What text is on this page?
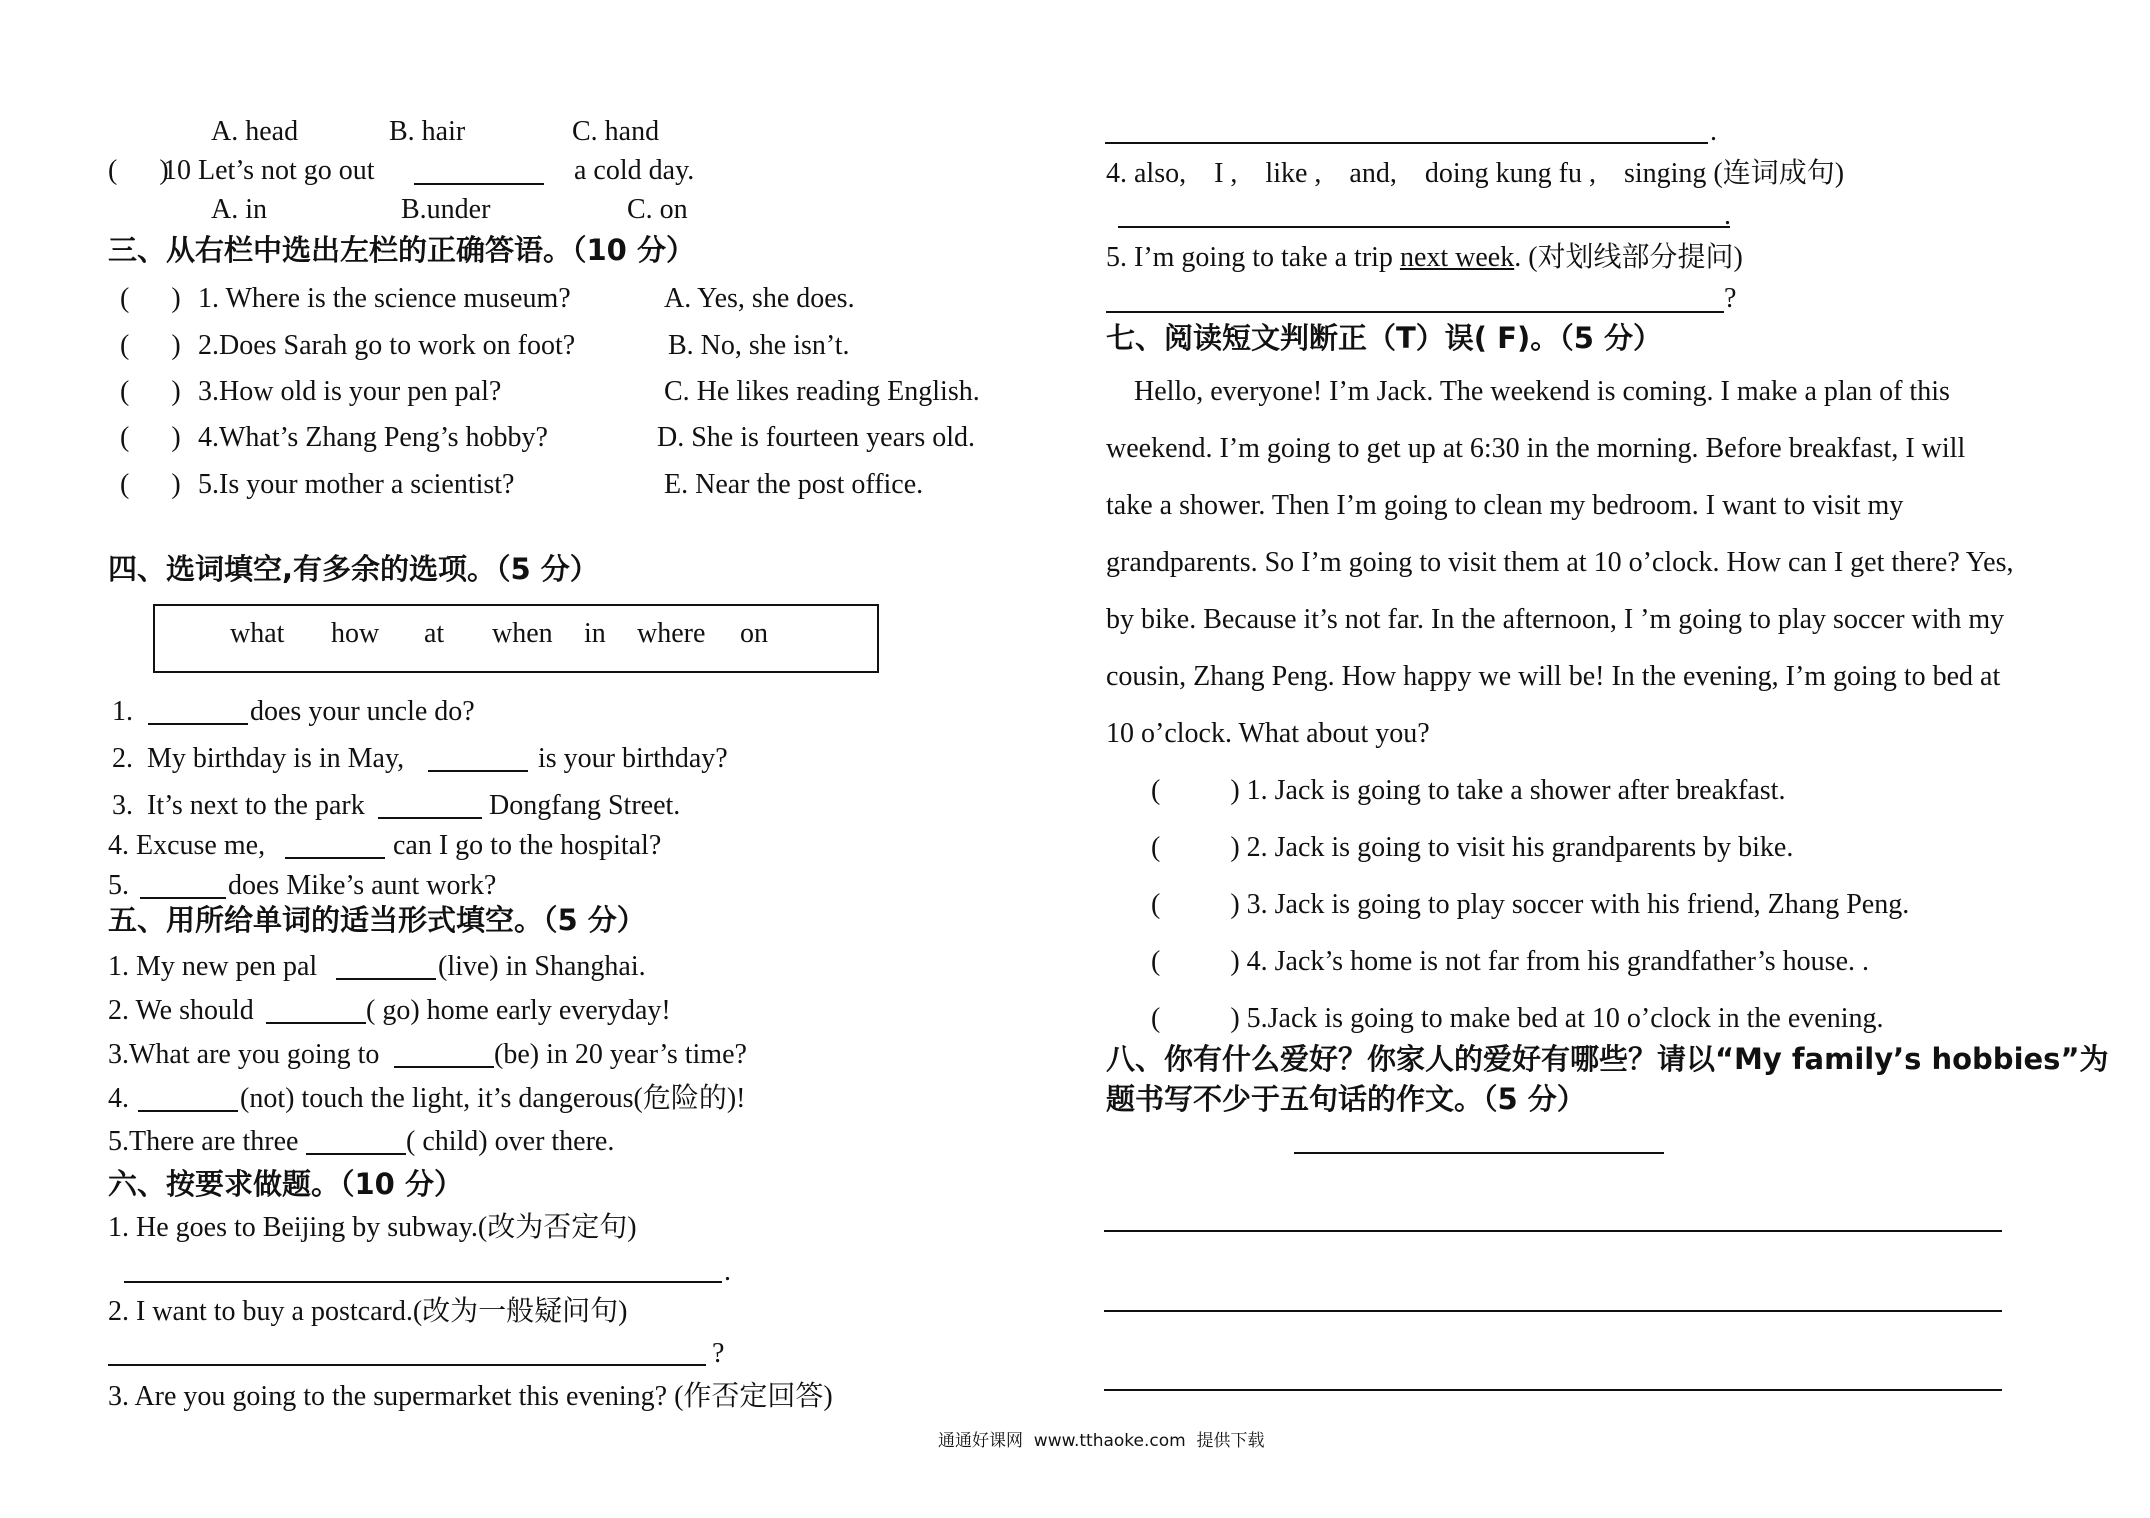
A. head	B. hair	C. hand
(      )
10 Let’s not go out	a cold day.
A. in	B.under	C. on
三、从右栏中选出左栏的正确答语。（10 分）
(      ) 1. Where is the science museum?	A. Yes, she does.
(      ) 2.Does Sarah go to work on foot?	B. No, she isn’t.
(      ) 3.How old is your pen pal?	C. He likes reading English.
(      ) 4.What’s Zhang Peng’s hobby?	D. She is fourteen years old.
(      ) 5.Is your mother a scientist?	E. Near the post office.
四、选词填空,有多余的选项。（5 分）
what how at when in where on
1.	does your uncle do?
2.  My birthday is in May,	is your birthday?
3.  It’s next to the park	Dongfang Street.
4. Excuse me,	can I go to the hospital?
5.	does Mike’s aunt work?
五、用所给单词的适当形式填空。（5 分）
1. My new pen pal	(live) in Shanghai.
2. We should	( go) home early everyday!
3.What are you going to	(be) in 20 year’s time?
4.	(not) touch the light, it’s dangerous(危险的)!
5.There are three	( child) over there.
六、按要求做题。（10 分）
1. He goes to Beijing by subway.(改为否定句)
.
2. I want to buy a postcard.(改为一般疑问句)
?
3. Are you going to the supermarket this evening? (作否定回答)
.
4. also,    I ,    like ,    and,    doing kung fu ,    singing (连词成句)
.
5. I’m going to take a trip next week. (对划线部分提问)
?
七、阅读短文判断正（T）误( F)。（5 分）
Hello, everyone! I’m Jack. The weekend is coming. I make a plan of this
weekend. I’m going to get up at 6:30 in the morning. Before breakfast, I will
take a shower. Then I’m going to clean my bedroom. I want to visit my
grandparents. So I’m going to visit them at 10 o’clock. How can I get there? Yes,
by bike. Because it’s not far. In the afternoon, I ’m going to play soccer with my
cousin, Zhang Peng. How happy we will be! In the evening, I’m going to bed at
10 o’clock. What about you?
(          ) 1. Jack is going to take a shower after breakfast.
(          ) 2. Jack is going to visit his grandparents by bike.
(          ) 3. Jack is going to play soccer with his friend, Zhang Peng.
(          ) 4. Jack’s home is not far from his grandfather’s house. .
(          ) 5.Jack is going to make bed at 10 o’clock in the evening.
八、你有什么爱好？你家人的爱好有哪些？请以“My family’s hobbies”为
题书写不少于五句话的作文。（5 分）
通通好课网  www.tthaoke.com  提供下载
